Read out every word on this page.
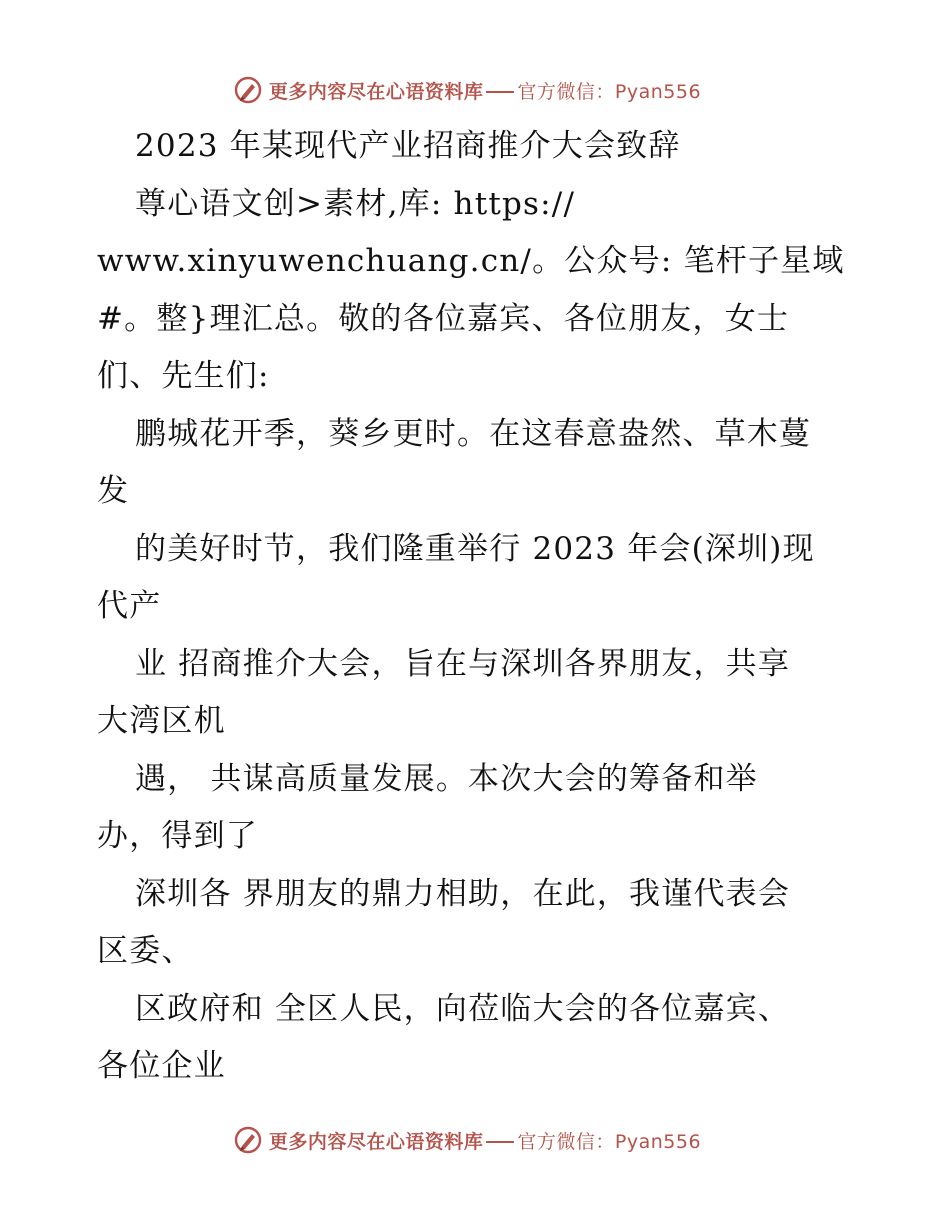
更多内容尽在心语资料库 官方微信：Pyan556
2023 年某现代产业招商推介大会致辞
尊心语文创>素材,库: https://
www.xinyuwenchuang.cn/。公众号: 笔杆子星域
#。整}理汇总。敬的各位嘉宾、各位朋友，女士
们、先生们:
鹏城花开季，葵乡更时。在这春意盎然、草木蔓
发
的美好时节，我们隆重举行 2023 年会(深圳)现
代产
业 招商推介大会，旨在与深圳各界朋友，共享
大湾区机
遇， 共谋高质量发展。本次大会的筹备和举
办，得到了
深圳各 界朋友的鼎力相助，在此，我谨代表会
区委、
区政府和 全区人民，向莅临大会的各位嘉宾、
各位企业
更多内容尽在心语资料库 官方微信：Pyan556
